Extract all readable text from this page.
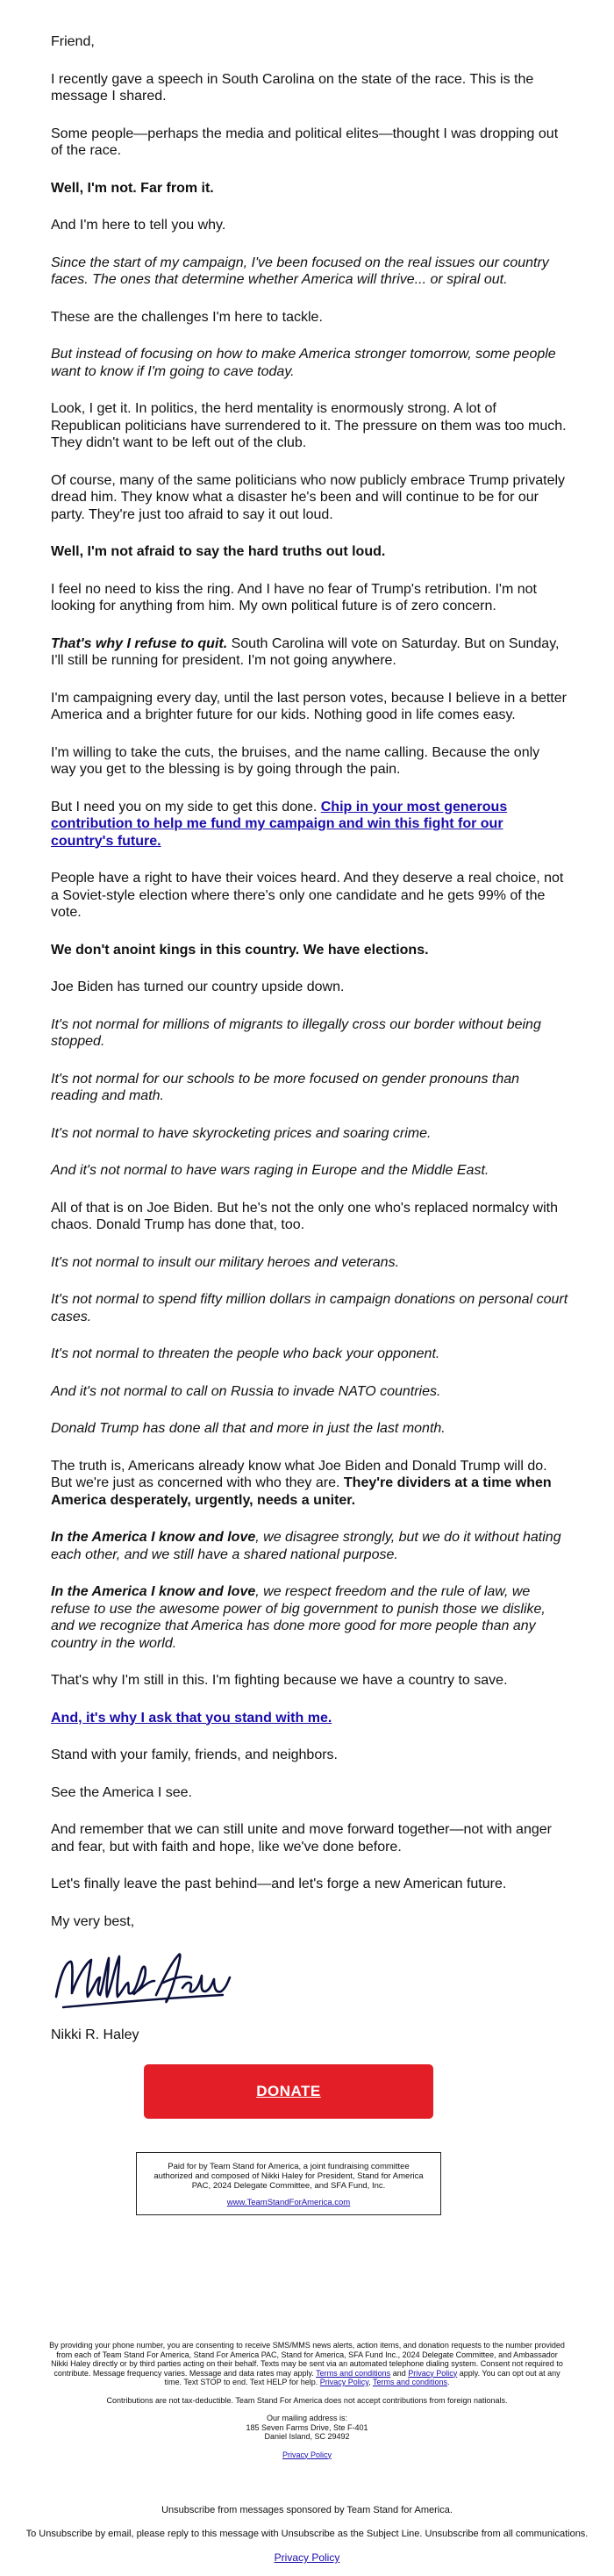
Friend,

I recently gave a speech in South Carolina on the state of the race. This is the message I shared.

Some people—perhaps the media and political elites—thought I was dropping out of the race.

Well, I'm not. Far from it.

And I'm here to tell you why.

Since the start of my campaign, I've been focused on the real issues our country faces. The ones that determine whether America will thrive... or spiral out.

These are the challenges I'm here to tackle.

But instead of focusing on how to make America stronger tomorrow, some people want to know if I'm going to cave today.

Look, I get it. In politics, the herd mentality is enormously strong. A lot of Republican politicians have surrendered to it. The pressure on them was too much. They didn't want to be left out of the club.

Of course, many of the same politicians who now publicly embrace Trump privately dread him. They know what a disaster he's been and will continue to be for our party. They're just too afraid to say it out loud.

Well, I'm not afraid to say the hard truths out loud.

I feel no need to kiss the ring. And I have no fear of Trump's retribution. I'm not looking for anything from him. My own political future is of zero concern.

That's why I refuse to quit. South Carolina will vote on Saturday. But on Sunday, I'll still be running for president. I'm not going anywhere.

I'm campaigning every day, until the last person votes, because I believe in a better America and a brighter future for our kids. Nothing good in life comes easy.

I'm willing to take the cuts, the bruises, and the name calling. Because the only way you get to the blessing is by going through the pain.

But I need you on my side to get this done. Chip in your most generous contribution to help me fund my campaign and win this fight for our country's future.

People have a right to have their voices heard. And they deserve a real choice, not a Soviet-style election where there's only one candidate and he gets 99% of the vote.

We don't anoint kings in this country. We have elections.

Joe Biden has turned our country upside down.

It's not normal for millions of migrants to illegally cross our border without being stopped.

It's not normal for our schools to be more focused on gender pronouns than reading and math.

It's not normal to have skyrocketing prices and soaring crime.

And it's not normal to have wars raging in Europe and the Middle East.

All of that is on Joe Biden. But he's not the only one who's replaced normalcy with chaos. Donald Trump has done that, too.

It's not normal to insult our military heroes and veterans.

It's not normal to spend fifty million dollars in campaign donations on personal court cases.

It's not normal to threaten the people who back your opponent.

And it's not normal to call on Russia to invade NATO countries.

Donald Trump has done all that and more in just the last month.

The truth is, Americans already know what Joe Biden and Donald Trump will do. But we're just as concerned with who they are. They're dividers at a time when America desperately, urgently, needs a uniter.

In the America I know and love, we disagree strongly, but we do it without hating each other, and we still have a shared national purpose.

In the America I know and love, we respect freedom and the rule of law, we refuse to use the awesome power of big government to punish those we dislike, and we recognize that America has done more good for more people than any country in the world.

That's why I'm still in this. I'm fighting because we have a country to save.

And, it's why I ask that you stand with me.

Stand with your family, friends, and neighbors.

See the America I see.

And remember that we can still unite and move forward together—not with anger and fear, but with faith and hope, like we've done before.

Let's finally leave the past behind—and let's forge a new American future.

My very best,

Nikki R. Haley

DONATE
Paid for by Team Stand for America, a joint fundraising committee authorized and composed of Nikki Haley for President, Stand for America PAC, 2024 Delegate Committee, and SFA Fund, Inc.
www.TeamStandForAmerica.com

By providing your phone number, you are consenting to receive SMS/MMS news alerts, action items, and donation requests to the number provided from each of Team Stand For America, Stand For America PAC, Stand for America, SFA Fund Inc., 2024 Delegate Committee, and Ambassador Nikki Haley directly or by third parties acting on their behalf. Texts may be sent via an automated telephone dialing system. Consent not required to contribute. Message frequency varies. Message and data rates may apply. Terms and conditions and Privacy Policy apply. You can opt out at any time. Text STOP to end. Text HELP for help. Privacy Policy, Terms and conditions.

Contributions are not tax-deductible. Team Stand For America does not accept contributions from foreign nationals.

Our mailing address is:
185 Seven Farms Drive, Ste F-401
Daniel Island, SC 29492

Privacy Policy

Unsubscribe from messages sponsored by Team Stand for America.

To Unsubscribe by email, please reply to this message with Unsubscribe as the Subject Line. Unsubscribe from all communications.

Privacy Policy
